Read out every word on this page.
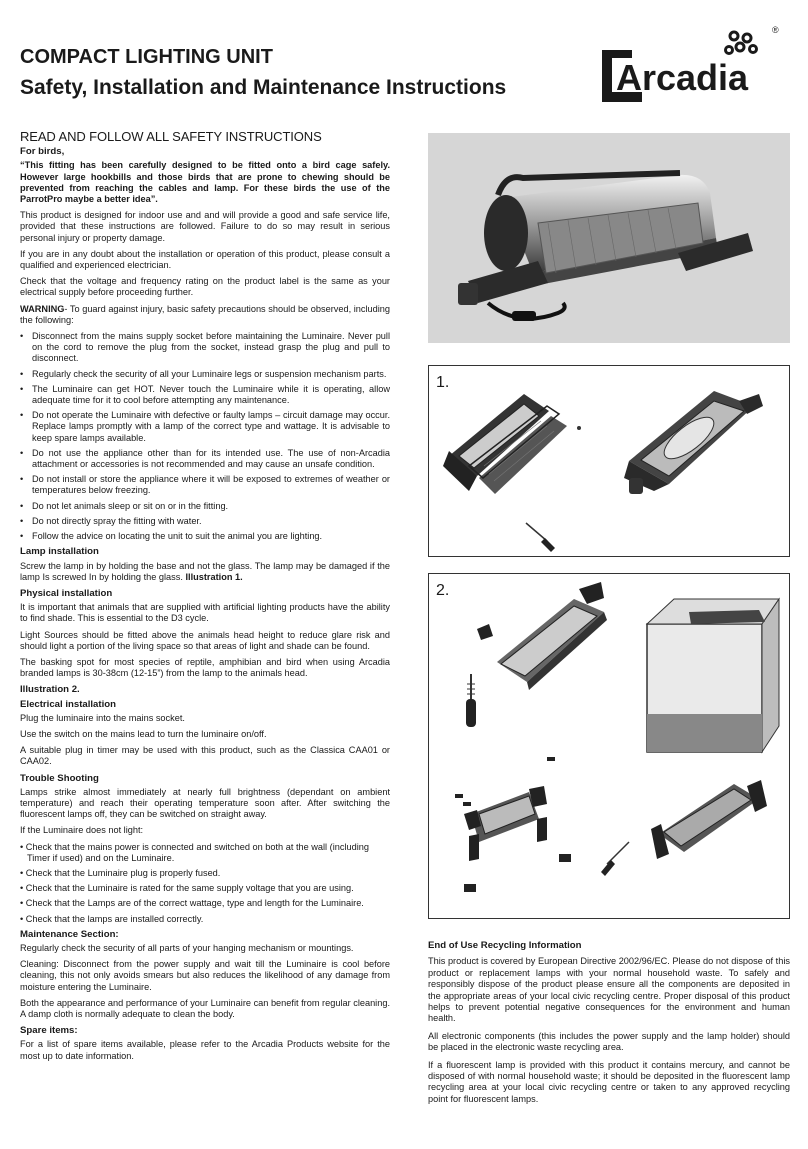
COMPACT LIGHTING UNIT
Safety, Installation and Maintenance Instructions
®
Arcadia
READ AND FOLLOW ALL SAFETY INSTRUCTIONS
For birds,

“This fitting has been carefully designed to be fitted onto a bird cage safely. However large hookbills and those birds that are prone to chewing should be prevented from reaching the cables and lamp. For these birds the use of the ParrotPro maybe a better idea”.

This product is designed for indoor use and and will provide a good and safe service life, provided that these instructions are followed. Failure to do so may result in serious personal injury or property damage.

If you are in any doubt about the installation or operation of this product, please consult a qualified and experienced electrician.

Check that the voltage and frequency rating on the product label is the same as your electrical supply before proceeding further.

WARNING- To guard against injury, basic safety precautions should be observed, including the following:

• Disconnect from the mains supply socket before maintaining the Luminaire. Never pull on the cord to remove the plug from the socket, instead grasp the plug and pull to disconnect.
• Regularly check the security of all your Luminaire legs or suspension mechanism parts.
• The Luminaire can get HOT. Never touch the Luminaire while it is operating, allow adequate time for it to cool before attempting any maintenance.
• Do not operate the Luminaire with defective or faulty lamps – circuit damage may occur. Replace lamps promptly with a lamp of the correct type and wattage. It is advisable to keep spare lamps available.
• Do not use the appliance other than for its intended use. The use of non-Arcadia attachment or accessories is not recommended and may cause an unsafe condition.
• Do not install or store the appliance where it will be exposed to extremes of weather or temperatures below freezing.
• Do not let animals sleep or sit on or in the fitting.
• Do not directly spray the fitting with water.
• Follow the advice on locating the unit to suit the animal you are lighting.
Lamp installation

Screw the lamp in by holding the base and not the glass. The lamp may be damaged if the lamp Is screwed In by holding the glass. Illustration 1.

Physical installation

It is important that animals that are supplied with artificial lighting products have the ability to find shade. This is essential to the D3 cycle.

Light Sources should be fitted above the animals head height to reduce glare risk and should light a portion of the living space so that areas of light and shade can be found.

The basking spot for most species of reptile, amphibian and bird when using Arcadia branded lamps is 30-38cm (12-15”) from the lamp to the animals head.

Illustration 2.
Electrical installation

Plug the luminaire into the mains socket.

Use the switch on the mains lead to turn the luminaire on/off.

A suitable plug in timer may be used with this product, such as the Classica CAA01 or CAA02.

Trouble Shooting

Lamps strike almost immediately at nearly full brightness (dependant on ambient temperature) and reach their operating temperature soon after. After switching the fluorescent lamps off, they can be switched on straight away.

If the Luminaire does not light:

• Check that the mains power is connected and switched on both at the wall (including Timer if used) and on the Luminaire.
• Check that the Luminaire plug is properly fused.
• Check that the Luminaire is rated for the same supply voltage that you are using.
• Check that the Lamps are of the correct wattage, type and length for the Luminaire.
• Check that the lamps are installed correctly.
Maintenance Section:

Regularly check the security of all parts of your hanging mechanism or mountings.

Cleaning: Disconnect from the power supply and wait till the Luminaire is cool before cleaning, this not only avoids smears but also reduces the likelihood of any damage from moisture entering the Luminaire.

Both the appearance and performance of your Luminaire can benefit from regular cleaning. A damp cloth is normally adequate to clean the body.

Spare items:

For a list of spare items available, please refer to the Arcadia Products website for the most up to date information.

1.
2.
End of Use Recycling Information

This product is covered by European Directive 2002/96/EC. Please do not dispose of this product or replacement lamps with your normal household waste. To safely and responsibly dispose of the product please ensure all the components are deposited in the appropriate areas of your local civic recycling centre. Proper disposal of this product helps to prevent potential negative consequences for the environment and human health.

All electronic components (this includes the power supply and the lamp holder) should be placed in the electronic waste recycling area.

If a fluorescent lamp is provided with this product it contains mercury, and cannot be disposed of with normal household waste; it should be deposited in the fluorescent lamp recycling area at your local civic recycling centre or taken to any approved recycling point for fluorescent lamps.
